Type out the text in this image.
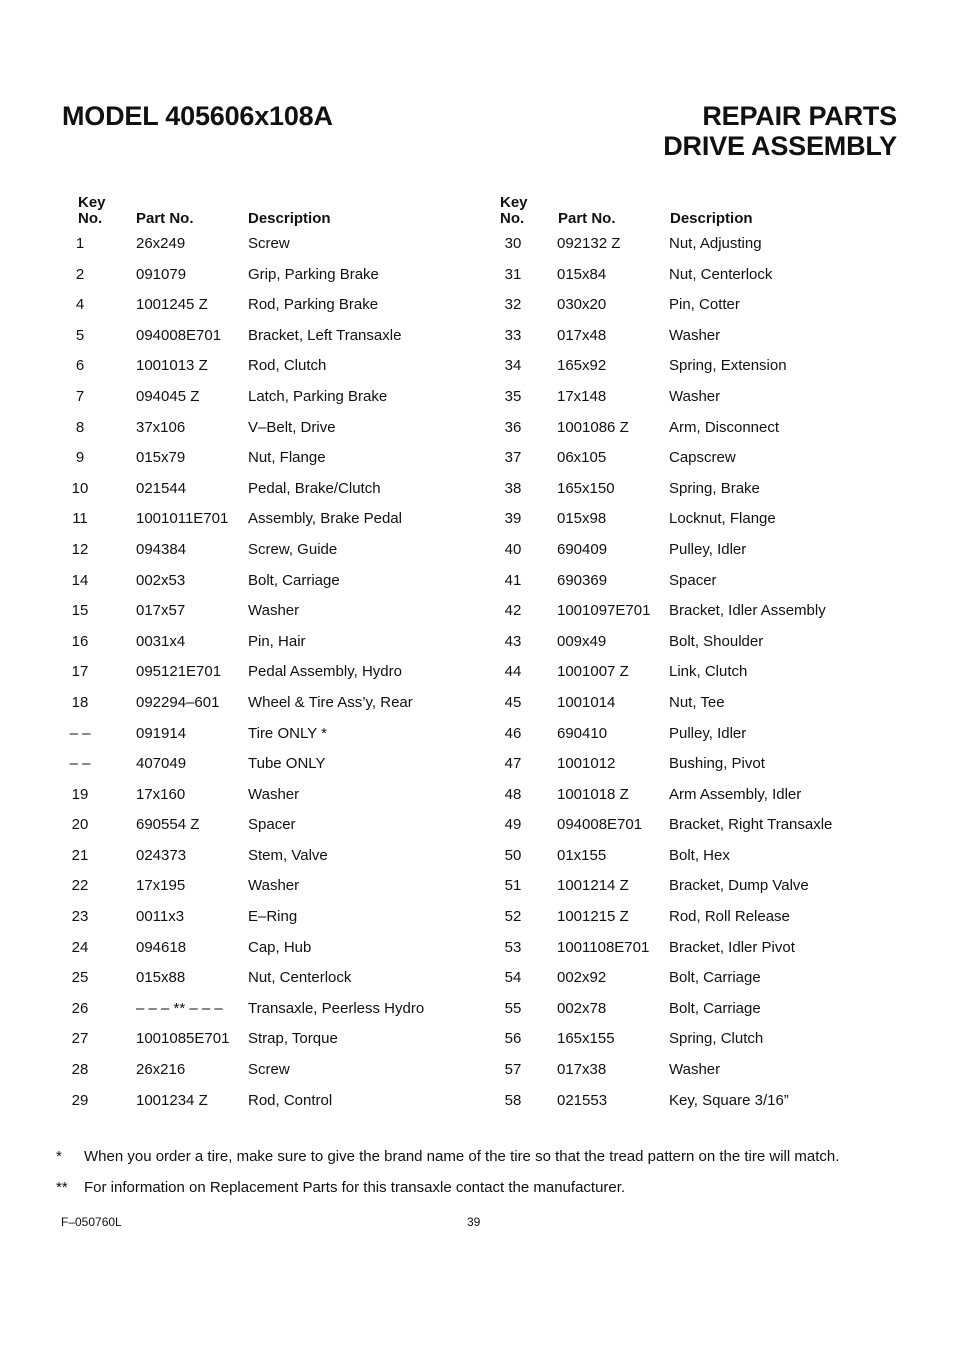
MODEL 405606x108A	REPAIR PARTS
DRIVE ASSEMBLY
Key
No. Part No.	Description
Key
No. Part No.	Description
1	26x249	Screw
2	091079	Grip, Parking Brake
4	1001245 Z	Rod, Parking Brake
5	094008E701 Bracket, Left Transaxle
6	1001013 Z	Rod, Clutch
7	094045 Z	Latch, Parking Brake
8	37x106	V–Belt, Drive
9	015x79	Nut, Flange
10	021544	Pedal, Brake/Clutch
11	1001011E701 Assembly, Brake Pedal
12	094384	Screw, Guide
14	002x53	Bolt, Carriage
15	017x57	Washer
16	0031x4	Pin, Hair
17	095121E701 Pedal Assembly, Hydro
18	092294–601 Wheel & Tire Ass’y, Rear
– –	091914	Tire ONLY *
– –	407049	Tube ONLY
19	17x160	Washer
20	690554 Z	Spacer
21	024373	Stem, Valve
22	17x195	Washer
23	0011x3	E–Ring
24	094618	Cap, Hub
25	015x88	Nut, Centerlock
26	– – – ** – – – Transaxle, Peerless Hydro
27	1001085E701 Strap, Torque
28	26x216	Screw
29	1001234 Z	Rod, Control
30	092132 Z	Nut, Adjusting
31	015x84	Nut, Centerlock
32	030x20	Pin, Cotter
33	017x48	Washer
34	165x92	Spring, Extension
35	17x148	Washer
36	1001086 Z	Arm, Disconnect
37	06x105	Capscrew
38	165x150	Spring, Brake
39	015x98	Locknut, Flange
40	690409	Pulley, Idler
41	690369	Spacer
42	1001097E701 Bracket, Idler Assembly
43	009x49	Bolt, Shoulder
44	1001007 Z	Link, Clutch
45	1001014	Nut, Tee
46	690410	Pulley, Idler
47	1001012	Bushing, Pivot
48	1001018 Z	Arm Assembly, Idler
49	094008E701 Bracket, Right Transaxle
50	01x155	Bolt, Hex
51	1001214 Z	Bracket, Dump Valve
52	1001215 Z	Rod, Roll Release
53	1001108E701 Bracket, Idler Pivot
54	002x92	Bolt, Carriage
55	002x78	Bolt, Carriage
56	165x155	Spring, Clutch
57	017x38	Washer
58	021553	Key, Square 3/16”
*	When you order a tire, make sure to give the brand name of the tire so that the tread pattern on the tire will match.
**	For information on Replacement Parts for this transaxle contact the manufacturer.
F–050760L	39
